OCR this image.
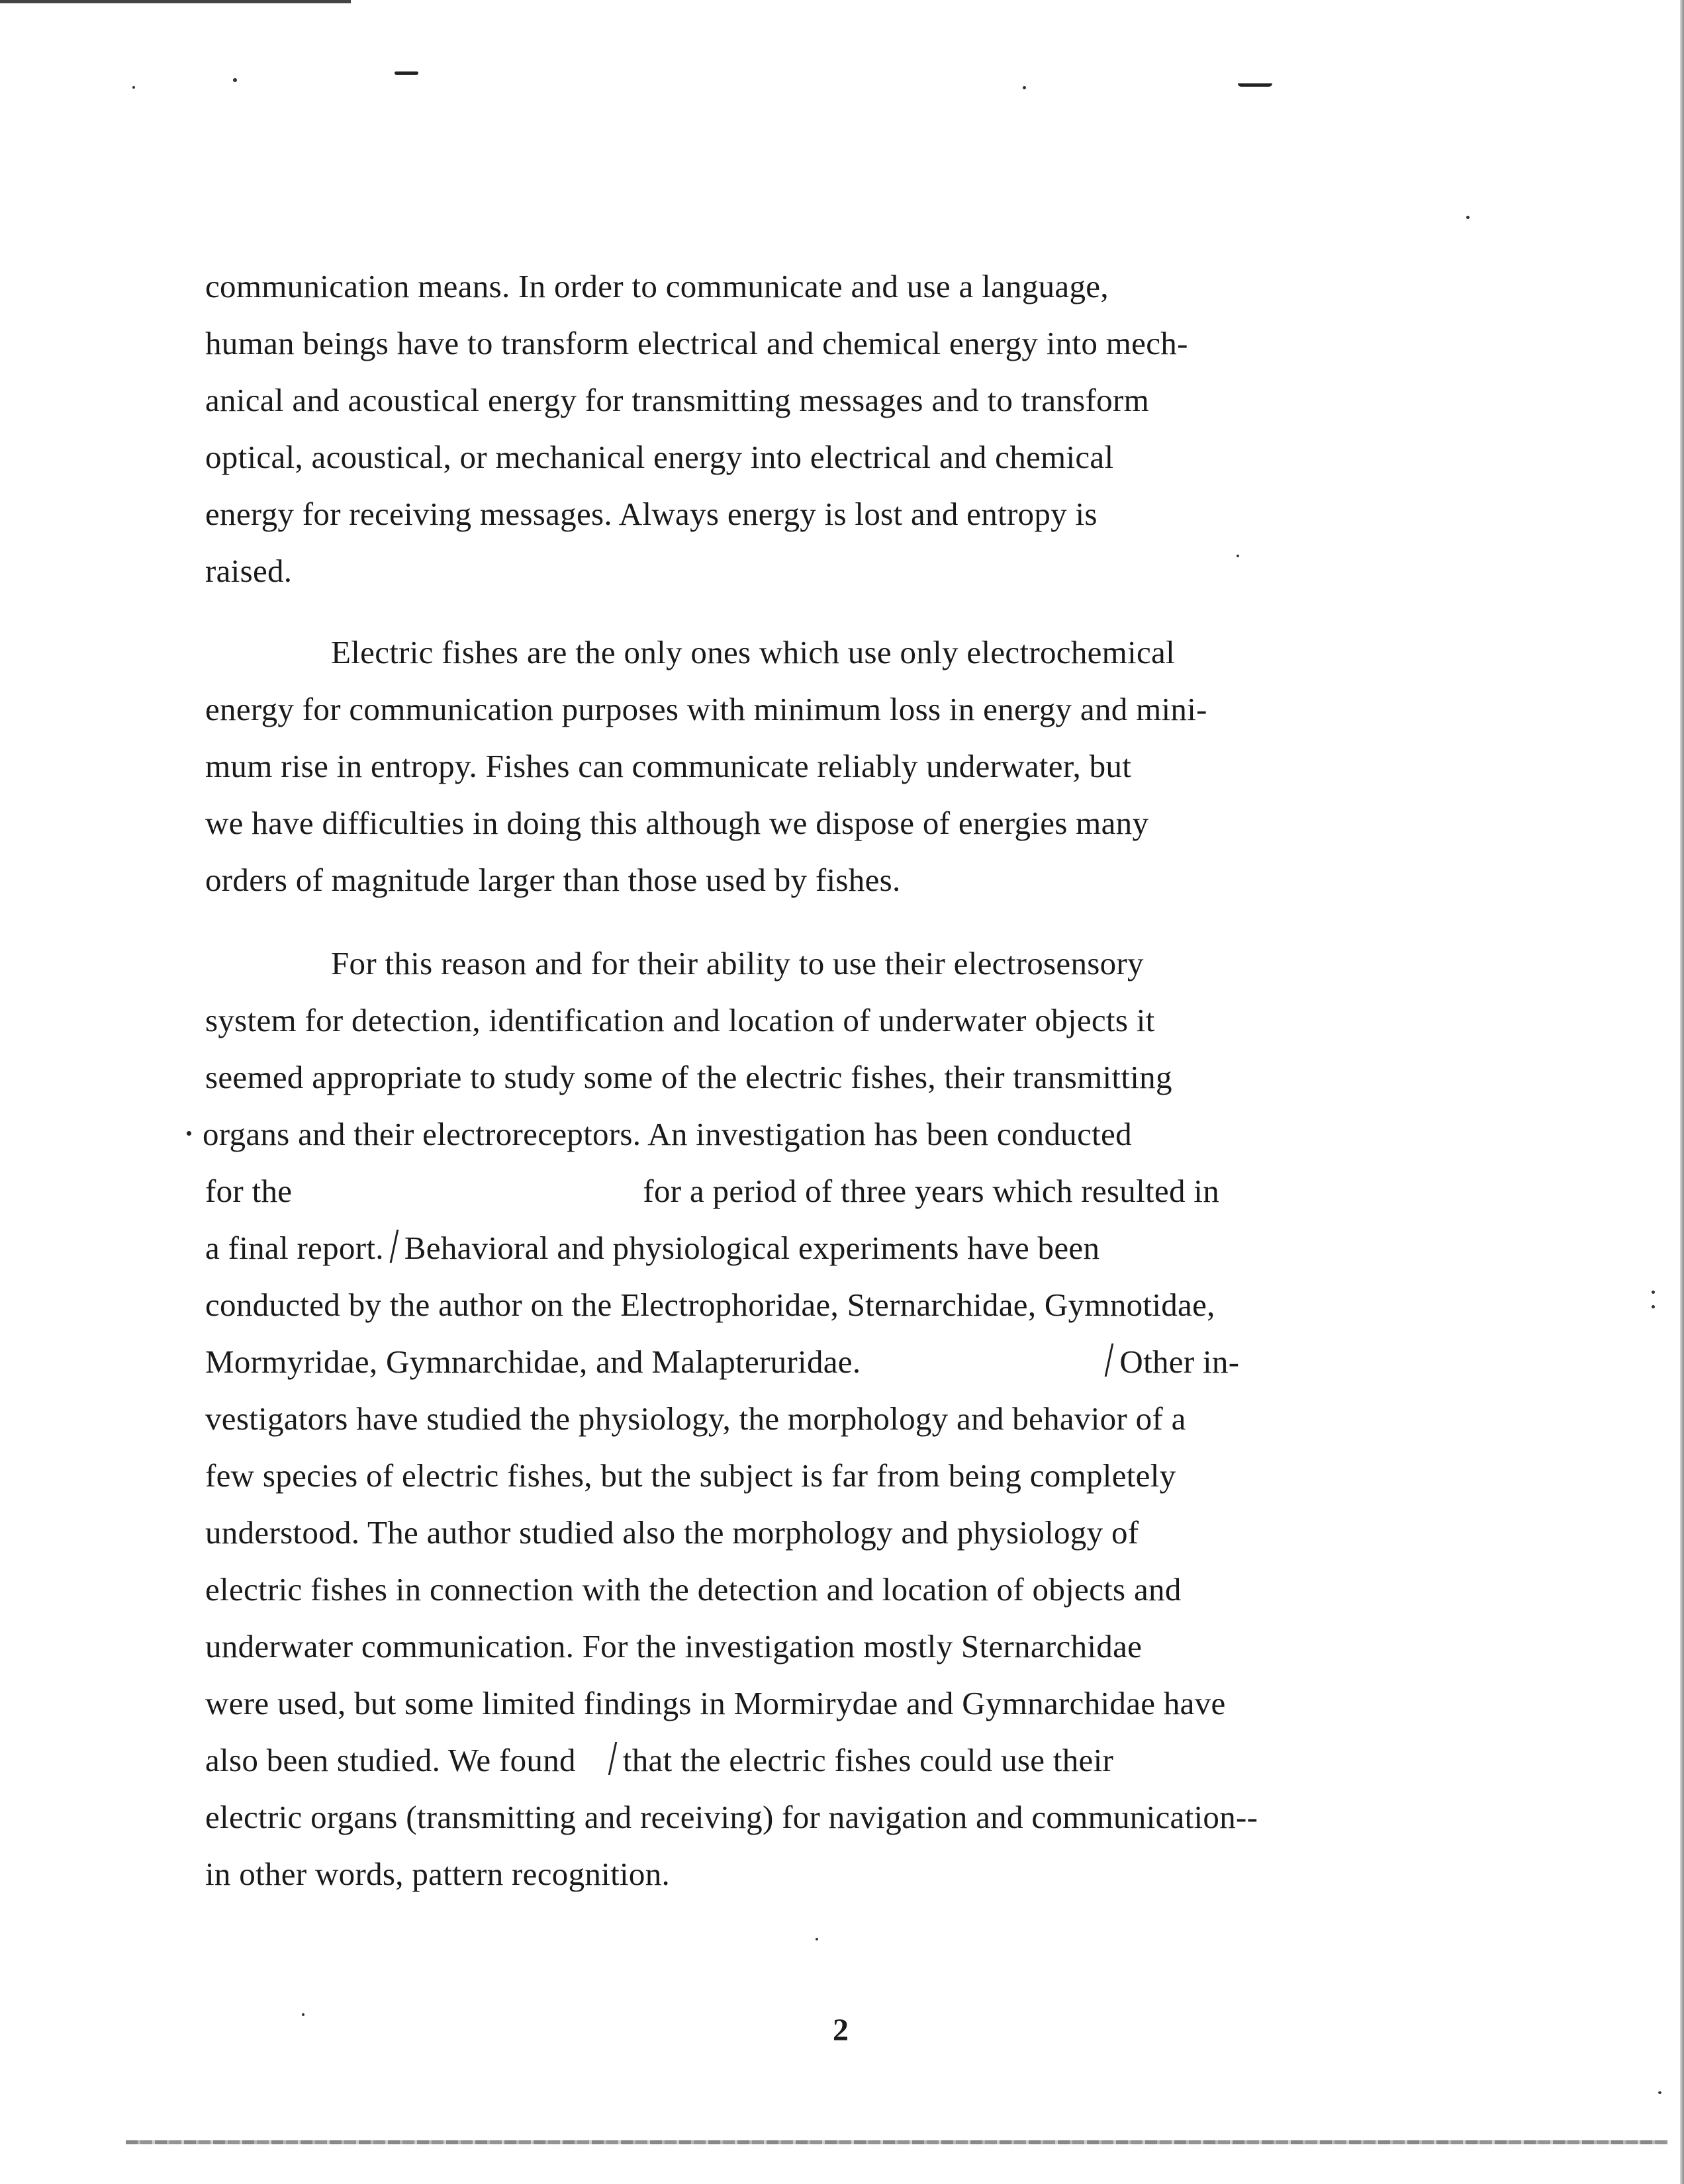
communication means. In order to communicate and use a language,
human beings have to transform electrical and chemical energy into mech-
anical and acoustical energy for transmitting messages and to transform
optical, acoustical, or mechanical energy into electrical and chemical
energy for receiving messages. Always energy is lost and entropy is
raised.
Electric fishes are the only ones which use only electrochemical
energy for communication purposes with minimum loss in energy and mini-
mum rise in entropy. Fishes can communicate reliably underwater, but
we have difficulties in doing this although we dispose of energies many
orders of magnitude larger than those used by fishes.
For this reason and for their ability to use their electrosensory
system for detection, identification and location of underwater objects it
seemed appropriate to study some of the electric fishes, their transmitting
organs and their electroreceptors. An investigation has been conducted
for the	for a period of three years which resulted in
a final report. Behavioral and physiological experiments have been
conducted by the author on the Electrophoridae, Sternarchidae, Gymnotidae,
Mormyridae, Gymnarchidae, and Malapteruridae.	Other in-
vestigators have studied the physiology, the morphology and behavior of a
few species of electric fishes, but the subject is far from being completely
understood. The author studied also the morphology and physiology of
electric fishes in connection with the detection and location of objects and
underwater communication. For the investigation mostly Sternarchidae
were used, but some limited findings in Mormirydae and Gymnarchidae have
also been studied. We found that the electric fishes could use their
electric organs (transmitting and receiving) for navigation and communication--
in other words, pattern recognition.
2
